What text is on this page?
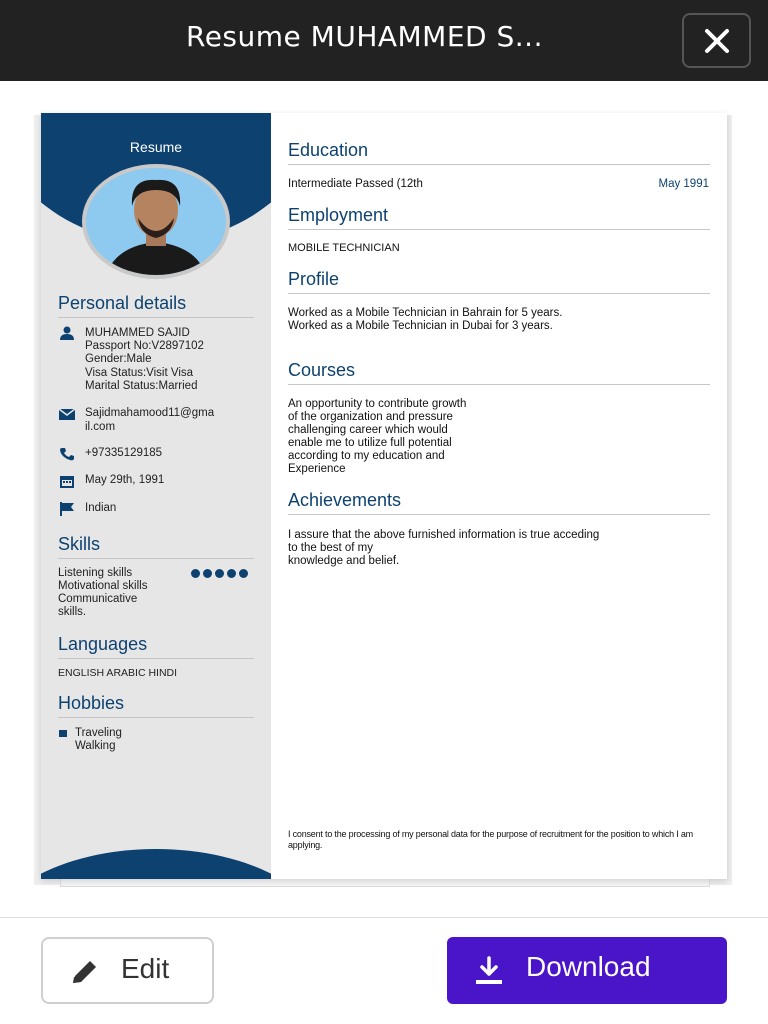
Resume MUHAMMED S...
Resume
Personal details
MUHAMMED SAJID
Passport No:V2897102
Gender:Male
Visa Status:Visit Visa
Marital Status:Married
Sajidmahamood11@gma
il.com
+97335129185
May 29th, 1991
Indian
Skills
Listening skills
Motivational skills
Communicative
skills.
Languages
ENGLISH ARABIC HINDI
Hobbies
Traveling
Walking
Education
Intermediate Passed (12th	May 1991
Employment
MOBILE TECHNICIAN
Profile
Worked as a Mobile Technician in Bahrain for 5 years.
Worked as a Mobile Technician in Dubai for 3 years.
Courses
An opportunity to contribute growth
of the organization and pressure
challenging career which would
enable me to utilize full potential
according to my education and
Experience
Achievements
I assure that the above furnished information is true acceding
to the best of my
knowledge and belief.
I consent to the processing of my personal data for the purpose of recruitment for the position to which I am applying.
Edit	Download
